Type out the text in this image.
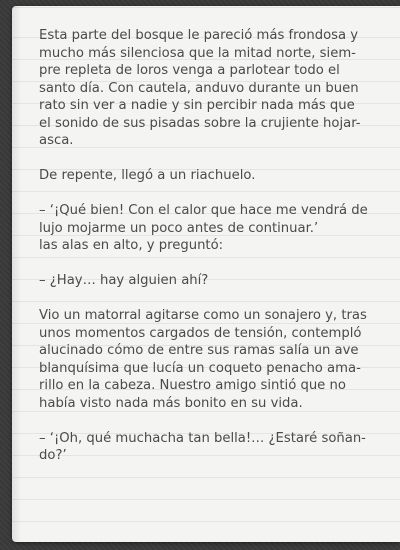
Esta parte del bosque le pareció más frondosa y
mucho más silenciosa que la mitad norte, siem-
pre repleta de loros venga a parlotear todo el
santo día. Con cautela, anduvo durante un buen
rato sin ver a nadie y sin percibir nada más que
el sonido de sus pisadas sobre la crujiente hojar-
asca.

De repente, llegó a un riachuelo.

– ‘¡Qué bien! Con el calor que hace me vendrá de
lujo mojarme un poco antes de continuar.’
las alas en alto, y preguntó:

– ¿Hay… hay alguien ahí?

Vio un matorral agitarse como un sonajero y, tras
unos momentos cargados de tensión, contempló
alucinado cómo de entre sus ramas salía un ave
blanquísima que lucía un coqueto penacho ama-
rillo en la cabeza. Nuestro amigo sintió que no
había visto nada más bonito en su vida.

– ‘¡Oh, qué muchacha tan bella!… ¿Estaré soñan-
do?’
